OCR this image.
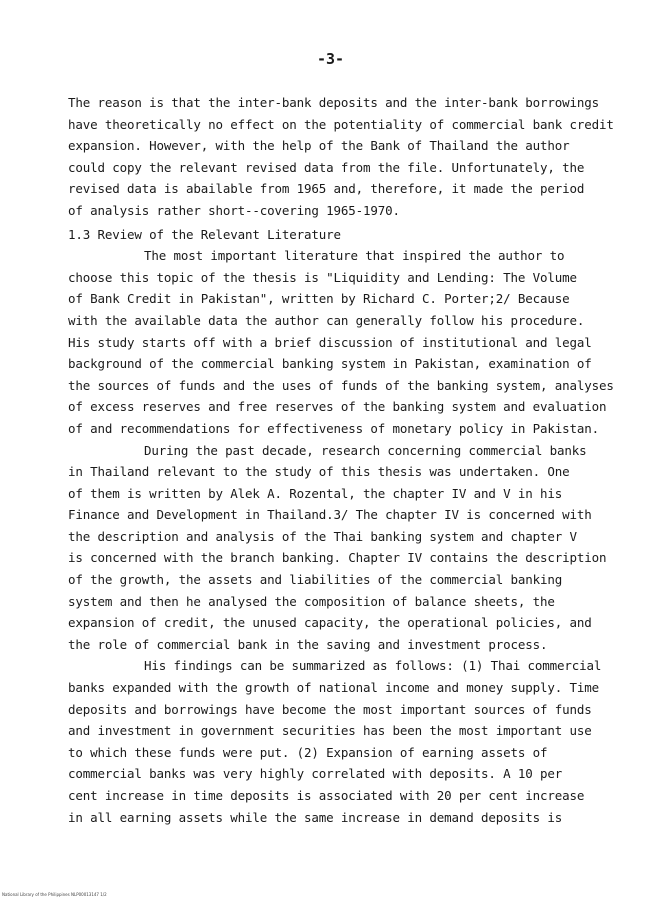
-3-
The reason is that the inter-bank deposits and the inter-bank borrowings
have theoretically no effect on the potentiality of commercial bank credit
expansion. However, with the help of the Bank of Thailand the author
could copy the relevant revised data from the file. Unfortunately, the
revised data is abailable from 1965 and, therefore, it made the period
of analysis rather short--covering 1965-1970.
1.3 Review of the Relevant Literature
The most important literature that inspired the author to
choose this topic of the thesis is "Liquidity and Lending: The Volume
of Bank Credit in Pakistan", written by Richard C. Porter;2/ Because
with the available data the author can generally follow his procedure.
His study starts off with a brief discussion of institutional and legal
background of the commercial banking system in Pakistan, examination of
the sources of funds and the uses of funds of the banking system, analyses
of excess reserves and free reserves of the banking system and evaluation
of and recommendations for effectiveness of monetary policy in Pakistan.
During the past decade, research concerning commercial banks
in Thailand relevant to the study of this thesis was undertaken. One
of them is written by Alek A. Rozental, the chapter IV and V in his
Finance and Development in Thailand.3/ The chapter IV is concerned with
the description and analysis of the Thai banking system and chapter V
is concerned with the branch banking. Chapter IV contains the description
of the growth, the assets and liabilities of the commercial banking
system and then he analysed the composition of balance sheets, the
expansion of credit, the unused capacity, the operational policies, and
the role of commercial bank in the saving and investment process.
His findings can be summarized as follows: (1) Thai commercial
banks expanded with the growth of national income and money supply. Time
deposits and borrowings have become the most important sources of funds
and investment in government securities has been the most important use
to which these funds were put. (2) Expansion of earning assets of
commercial banks was very highly correlated with deposits. A 10 per
cent increase in time deposits is associated with 20 per cent increase
in all earning assets while the same increase in demand deposits is
National Library of the Philippines NLP00013147 1/2
